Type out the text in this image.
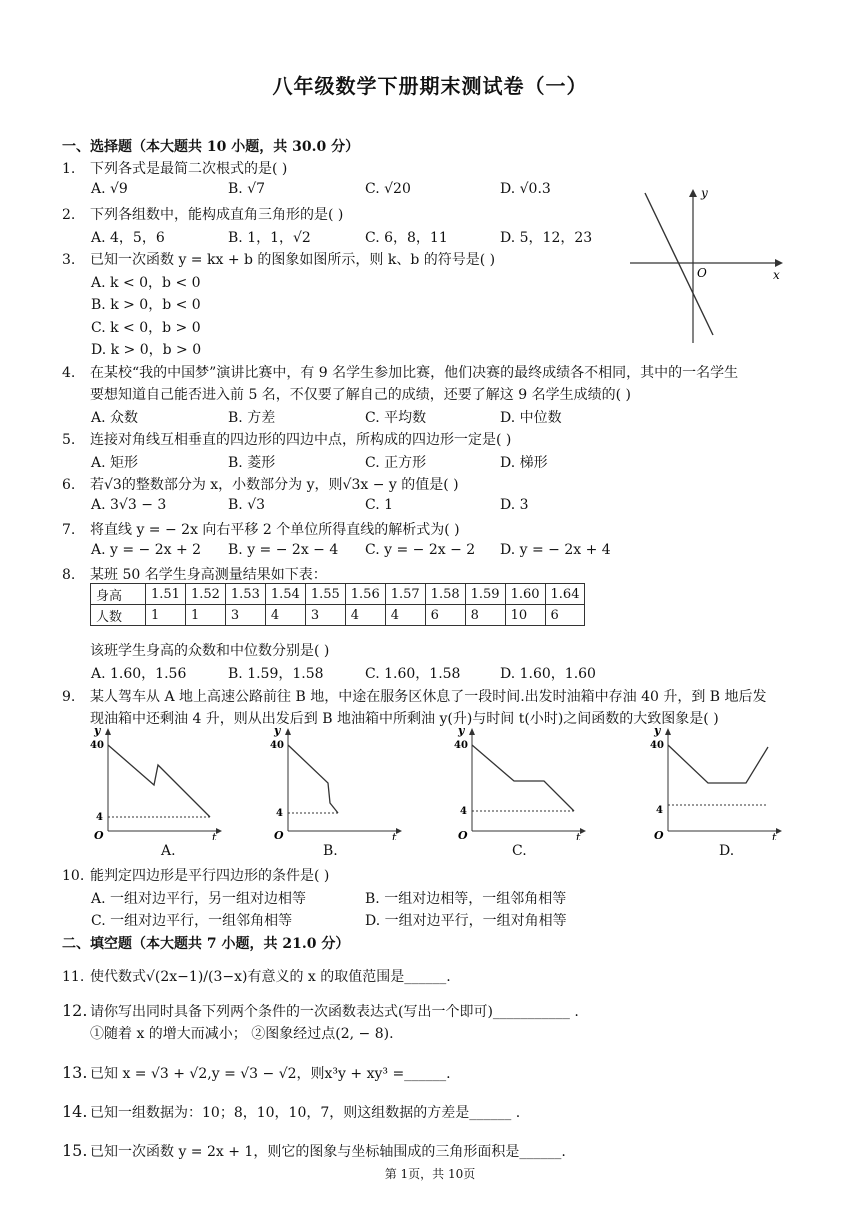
八年级数学下册期末测试卷（一）
一、选择题（本大题共 10 小题，共 30.0 分）
1. 下列各式是最简二次根式的是( )
A. √9	B. √7	C. √20	D. √0.3
2. 下列各组数中，能构成直角三角形的是( )
A. 4，5，6	B. 1，1，√2	C. 6，8，11	D. 5，12，23
y
x
O
3. 已知一次函数 y = kx + b 的图象如图所示，则 k、b 的符号是( )
A. k < 0，b < 0
B. k > 0，b < 0
C. k < 0，b > 0
D. k > 0，b > 0
4. 在某校“我的中国梦”演讲比赛中，有 9 名学生参加比赛，他们决赛的最终成绩各不相同，其中的一名学生
要想知道自己能否进入前 5 名，不仅要了解自己的成绩，还要了解这 9 名学生成绩的( )
A. 众数	B. 方差	C. 平均数	D. 中位数
5. 连接对角线互相垂直的四边形的四边中点，所构成的四边形一定是( )
A. 矩形	B. 菱形	C. 正方形	D. 梯形
6. 若√3的整数部分为 x，小数部分为 y，则√3x − y 的值是( )
A. 3√3 − 3	B. √3	C. 1	D. 3
7. 将直线 y = − 2x 向右平移 2 个单位所得直线的解析式为( )
A. y = − 2x + 2 B. y = − 2x − 4 C. y = − 2x − 2 D. y = − 2x + 4
8. 某班 50 名学生身高测量结果如下表：
身高	1.51	1.52	1.53	1.54	1.55	1.56	1.57	1.58	1.59	1.60	1.64
人数	1	1	3	4	3	4	4	6	8	10	6
该班学生身高的众数和中位数分别是( )
A. 1.60，1.56	B. 1.59，1.58	C. 1.60，1.58	D. 1.60，1.60
9. 某人驾车从 A 地上高速公路前往 B 地，中途在服务区休息了一段时间.出发时油箱中存油 40 升，到 B 地后发
现油箱中还剩油 4 升，则从出发后到 B 地油箱中所剩油 y(升)与时间 t(小时)之间函数的大致图象是( )
y
40
4
O	t
y
40
4
O	t
y
40
4
O	t
y
40
4
O	t
A.	B.	C.	D.
10. 能判定四边形是平行四边形的条件是( )
A. 一组对边平行，另一组对边相等	B. 一组对边相等，一组邻角相等
C. 一组对边平行，一组邻角相等	D. 一组对边平行，一组对角相等
二、填空题（本大题共 7 小题，共 21.0 分）
11. 使代数式√(2x−1)/(3−x)有意义的 x 的取值范围是______.
12. 请你写出同时具备下列两个条件的一次函数表达式(写出一个即可)___________ .
①随着 x 的增大而减小； ②图象经过点(2, − 8).
13. 已知 x = √3 + √2,y = √3 − √2，则x³y + xy³ =______.
14. 已知一组数据为：10；8，10，10，7，则这组数据的方差是______ .
15. 已知一次函数 y = 2x + 1，则它的图象与坐标轴围成的三角形面积是______.
第 1页，共 10页
